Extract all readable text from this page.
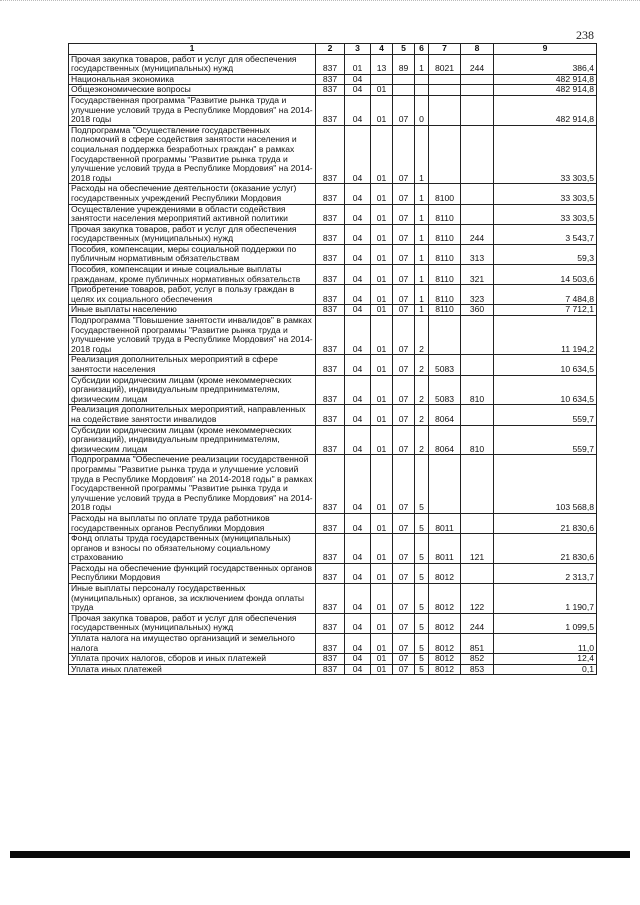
238
1	2	3	4	5	6	7	8	9
Прочая закупка товаров, работ и услуг для обеспечения государственных (муниципальных) нужд	837	01	13	89	1	8021	244	386,4
Национальная экономика	837	04						482 914,8
Общеэкономические вопросы	837	04	01					482 914,8
Государственная программа "Развитие рынка труда и улучшение условий труда в Республике Мордовия" на 2014-2018 годы	837	04	01	07	0			482 914,8
Подпрограмма "Осуществление государственных полномочий в сфере содействия занятости населения и социальная поддержка безработных граждан" в рамках Государственной программы "Развитие рынка труда и улучшение условий труда в Республике Мордовия" на 2014-2018 годы	837	04	01	07	1			33 303,5
Расходы на обеспечение деятельности (оказание услуг) государственных учреждений Республики Мордовия	837	04	01	07	1	8100		33 303,5
Осуществление учреждениями в области содействия занятости населения мероприятий активной политики	837	04	01	07	1	8110		33 303,5
Прочая закупка товаров, работ и услуг для обеспечения государственных (муниципальных) нужд	837	04	01	07	1	8110	244	3 543,7
Пособия, компенсации, меры социальной поддержки по публичным нормативным обязательствам	837	04	01	07	1	8110	313	59,3
Пособия, компенсации и иные социальные выплаты гражданам, кроме публичных нормативных обязательств	837	04	01	07	1	8110	321	14 503,6
Приобретение товаров, работ, услуг в пользу граждан в целях их социального обеспечения	837	04	01	07	1	8110	323	7 484,8
Иные выплаты населению	837	04	01	07	1	8110	360	7 712,1
Подпрограмма "Повышение занятости инвалидов" в рамках Государственной программы "Развитие рынка труда и улучшение условий труда в Республике Мордовия" на 2014-2018 годы	837	04	01	07	2			11 194,2
Реализация дополнительных мероприятий в сфере занятости населения	837	04	01	07	2	5083		10 634,5
Субсидии юридическим лицам (кроме некоммерческих организаций), индивидуальным предпринимателям, физическим лицам	837	04	01	07	2	5083	810	10 634,5
Реализация дополнительных мероприятий, направленных на содействие занятости инвалидов	837	04	01	07	2	8064		559,7
Субсидии юридическим лицам (кроме некоммерческих организаций), индивидуальным предпринимателям, физическим лицам	837	04	01	07	2	8064	810	559,7
Подпрограмма "Обеспечение реализации государственной программы "Развитие рынка труда и улучшение условий труда в Республике Мордовия" на 2014-2018 годы" в рамках Государственной программы "Развитие рынка труда и улучшение условий труда в Республике Мордовия" на 2014-2018 годы	837	04	01	07	5			103 568,8
Расходы на выплаты по оплате труда работников государственных органов Республики Мордовия	837	04	01	07	5	8011		21 830,6
Фонд оплаты труда государственных (муниципальных) органов и взносы по обязательному социальному страхованию	837	04	01	07	5	8011	121	21 830,6
Расходы на обеспечение функций государственных органов Республики Мордовия	837	04	01	07	5	8012		2 313,7
Иные выплаты персоналу государственных (муниципальных) органов, за исключением фонда оплаты труда	837	04	01	07	5	8012	122	1 190,7
Прочая закупка товаров, работ и услуг для обеспечения государственных (муниципальных) нужд	837	04	01	07	5	8012	244	1 099,5
Уплата налога на имущество организаций и земельного налога	837	04	01	07	5	8012	851	11,0
Уплата прочих налогов, сборов и иных платежей	837	04	01	07	5	8012	852	12,4
Уплата иных платежей	837	04	01	07	5	8012	853	0,1
